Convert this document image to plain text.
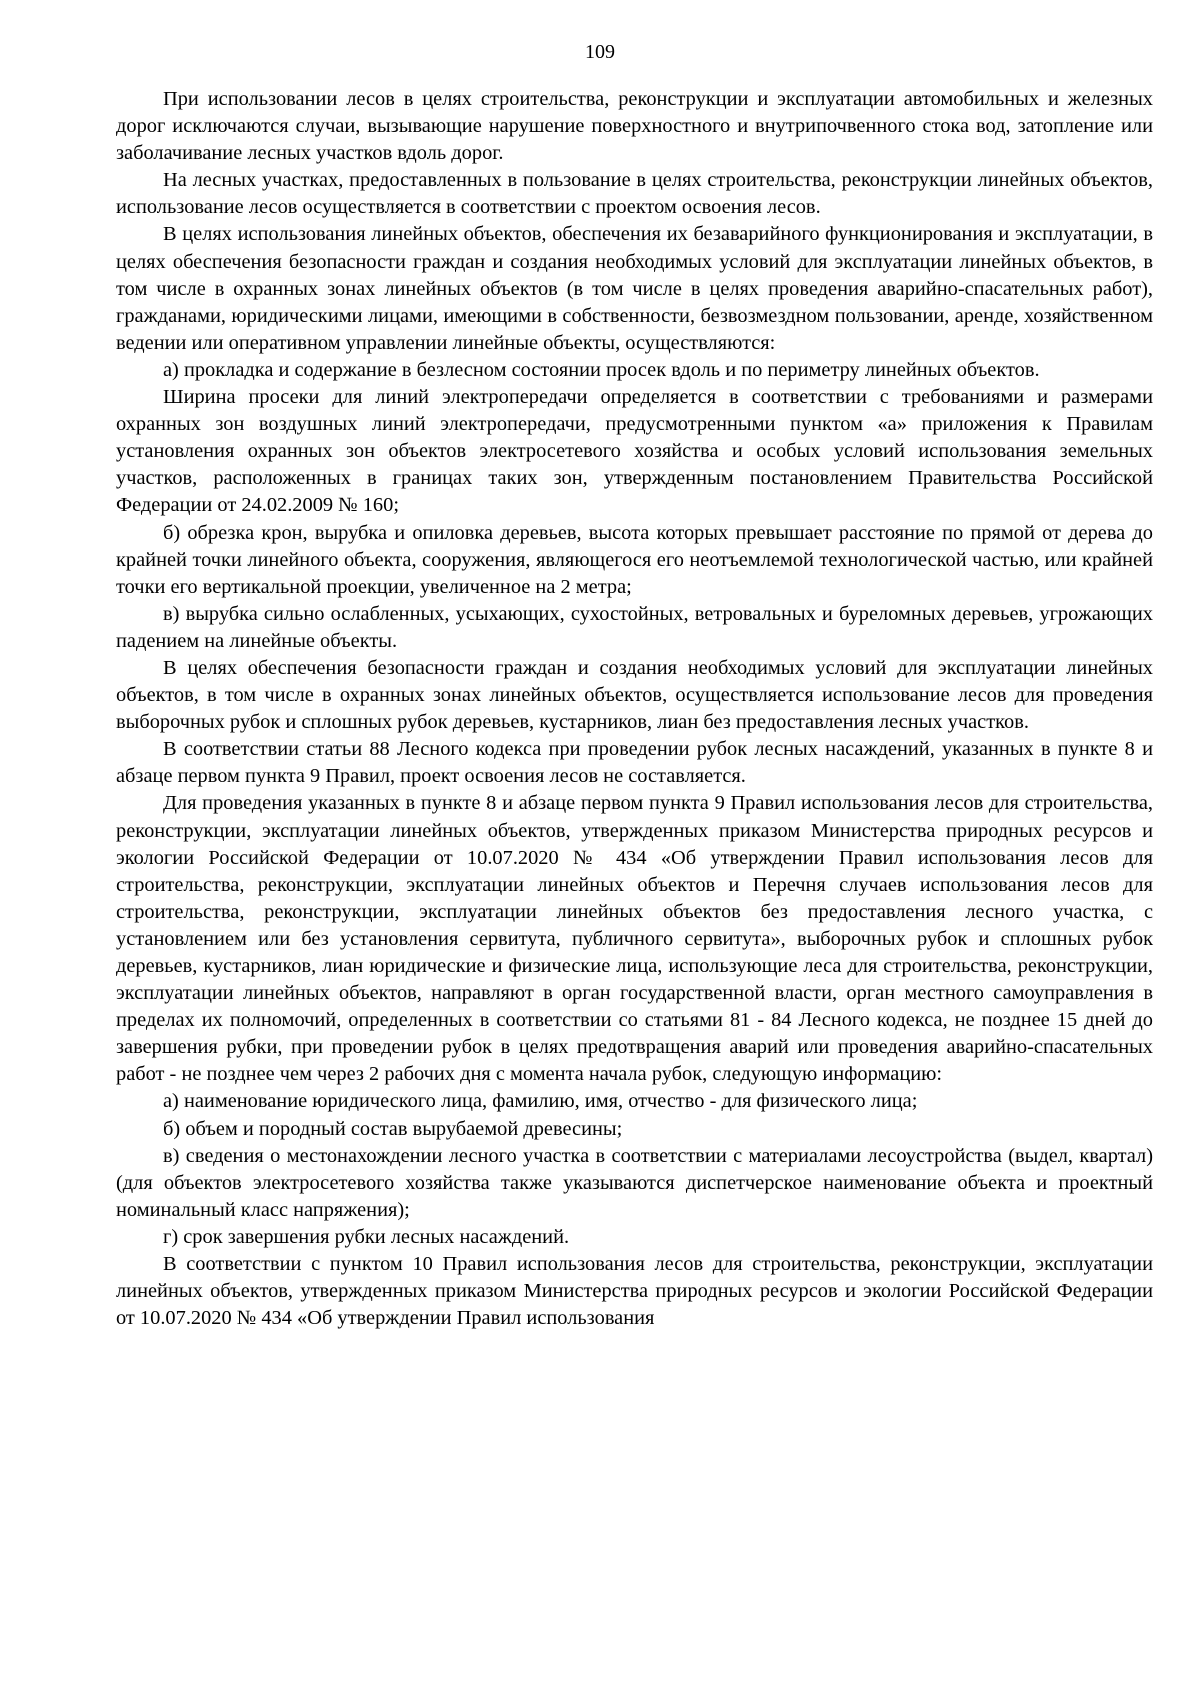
109

При использовании лесов в целях строительства, реконструкции и эксплуатации автомобильных и железных дорог исключаются случаи, вызывающие нарушение поверхностного и внутрипочвенного стока вод, затопление или заболачивание лесных участков вдоль дорог.

На лесных участках, предоставленных в пользование в целях строительства, реконструкции линейных объектов, использование лесов осуществляется в соответствии с проектом освоения лесов.

В целях использования линейных объектов, обеспечения их безаварийного функционирования и эксплуатации, в целях обеспечения безопасности граждан и создания необходимых условий для эксплуатации линейных объектов, в том числе в охранных зонах линейных объектов (в том числе в целях проведения аварийно-спасательных работ), гражданами, юридическими лицами, имеющими в собственности, безвозмездном пользовании, аренде, хозяйственном ведении или оперативном управлении линейные объекты, осуществляются:

а) прокладка и содержание в безлесном состоянии просек вдоль и по периметру линейных объектов.

Ширина просеки для линий электропередачи определяется в соответствии с требованиями и размерами охранных зон воздушных линий электропередачи, предусмотренными пунктом «а» приложения к Правилам установления охранных зон объектов электросетевого хозяйства и особых условий использования земельных участков, расположенных в границах таких зон, утвержденным постановлением Правительства Российской Федерации от 24.02.2009 № 160;

б) обрезка крон, вырубка и опиловка деревьев, высота которых превышает расстояние по прямой от дерева до крайней точки линейного объекта, сооружения, являющегося его неотъемлемой технологической частью, или крайней точки его вертикальной проекции, увеличенное на 2 метра;

в) вырубка сильно ослабленных, усыхающих, сухостойных, ветровальных и буреломных деревьев, угрожающих падением на линейные объекты.

В целях обеспечения безопасности граждан и создания необходимых условий для эксплуатации линейных объектов, в том числе в охранных зонах линейных объектов, осуществляется использование лесов для проведения выборочных рубок и сплошных рубок деревьев, кустарников, лиан без предоставления лесных участков.

В соответствии статьи 88 Лесного кодекса при проведении рубок лесных насаждений, указанных в пункте 8 и абзаце первом пункта 9 Правил, проект освоения лесов не составляется.

Для проведения указанных в пункте 8 и абзаце первом пункта 9 Правил использования лесов для строительства, реконструкции, эксплуатации линейных объектов, утвержденных приказом Министерства природных ресурсов и экологии Российской Федерации от 10.07.2020 № 434 «Об утверждении Правил использования лесов для строительства, реконструкции, эксплуатации линейных объектов и Перечня случаев использования лесов для строительства, реконструкции, эксплуатации линейных объектов без предоставления лесного участка, с установлением или без установления сервитута, публичного сервитута», выборочных рубок и сплошных рубок деревьев, кустарников, лиан юридические и физические лица, использующие леса для строительства, реконструкции, эксплуатации линейных объектов, направляют в орган государственной власти, орган местного самоуправления в пределах их полномочий, определенных в соответствии со статьями 81 - 84 Лесного кодекса, не позднее 15 дней до завершения рубки, при проведении рубок в целях предотвращения аварий или проведения аварийно-спасательных работ - не позднее чем через 2 рабочих дня с момента начала рубок, следующую информацию:

а) наименование юридического лица, фамилию, имя, отчество - для физического лица;

б) объем и породный состав вырубаемой древесины;

в) сведения о местонахождении лесного участка в соответствии с материалами лесоустройства (выдел, квартал) (для объектов электросетевого хозяйства также указываются диспетчерское наименование объекта и проектный номинальный класс напряжения);

г) срок завершения рубки лесных насаждений.

В соответствии с пунктом 10 Правил использования лесов для строительства, реконструкции, эксплуатации линейных объектов, утвержденных приказом Министерства природных ресурсов и экологии Российской Федерации от 10.07.2020 № 434 «Об утверждении Правил использования
